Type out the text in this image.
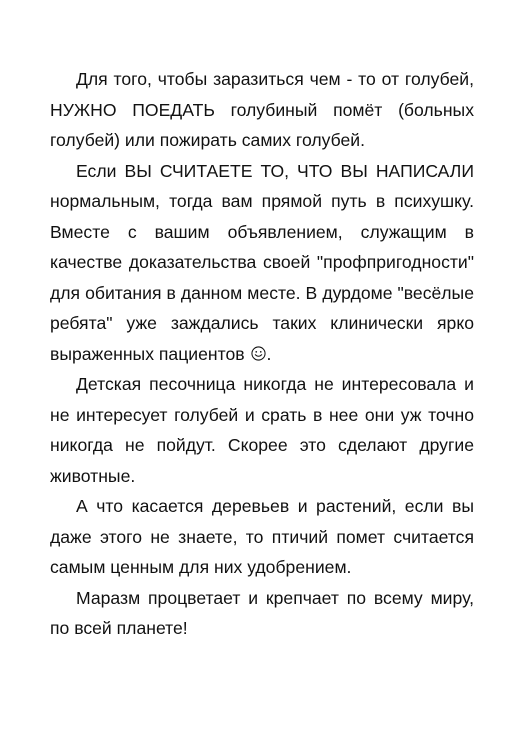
Для того, чтобы заразиться чем - то от голубей, НУЖНО ПОЕДАТЬ голубиный помёт (больных голубей) или пожирать самих голубей.

Если ВЫ СЧИТАЕТЕ ТО, ЧТО ВЫ НАПИСАЛИ нормальным, тогда вам прямой путь в психушку. Вместе с вашим объявлением, служащим в качестве доказательства своей "профпригодности" для обитания в данном месте. В дурдоме "весёлые ребята" уже заждались таких клинически ярко выраженных пациентов .

Детская песочница никогда не интересовала и не интересует голубей и срать в нее они уж точно никогда не пойдут. Скорее это сделают другие животные.

А что касается деревьев и растений, если вы даже этого не знаете, то птичий помет считается самым ценным для них удобрением.

Маразм процветает и крепчает по всему миру, по всей планете!
